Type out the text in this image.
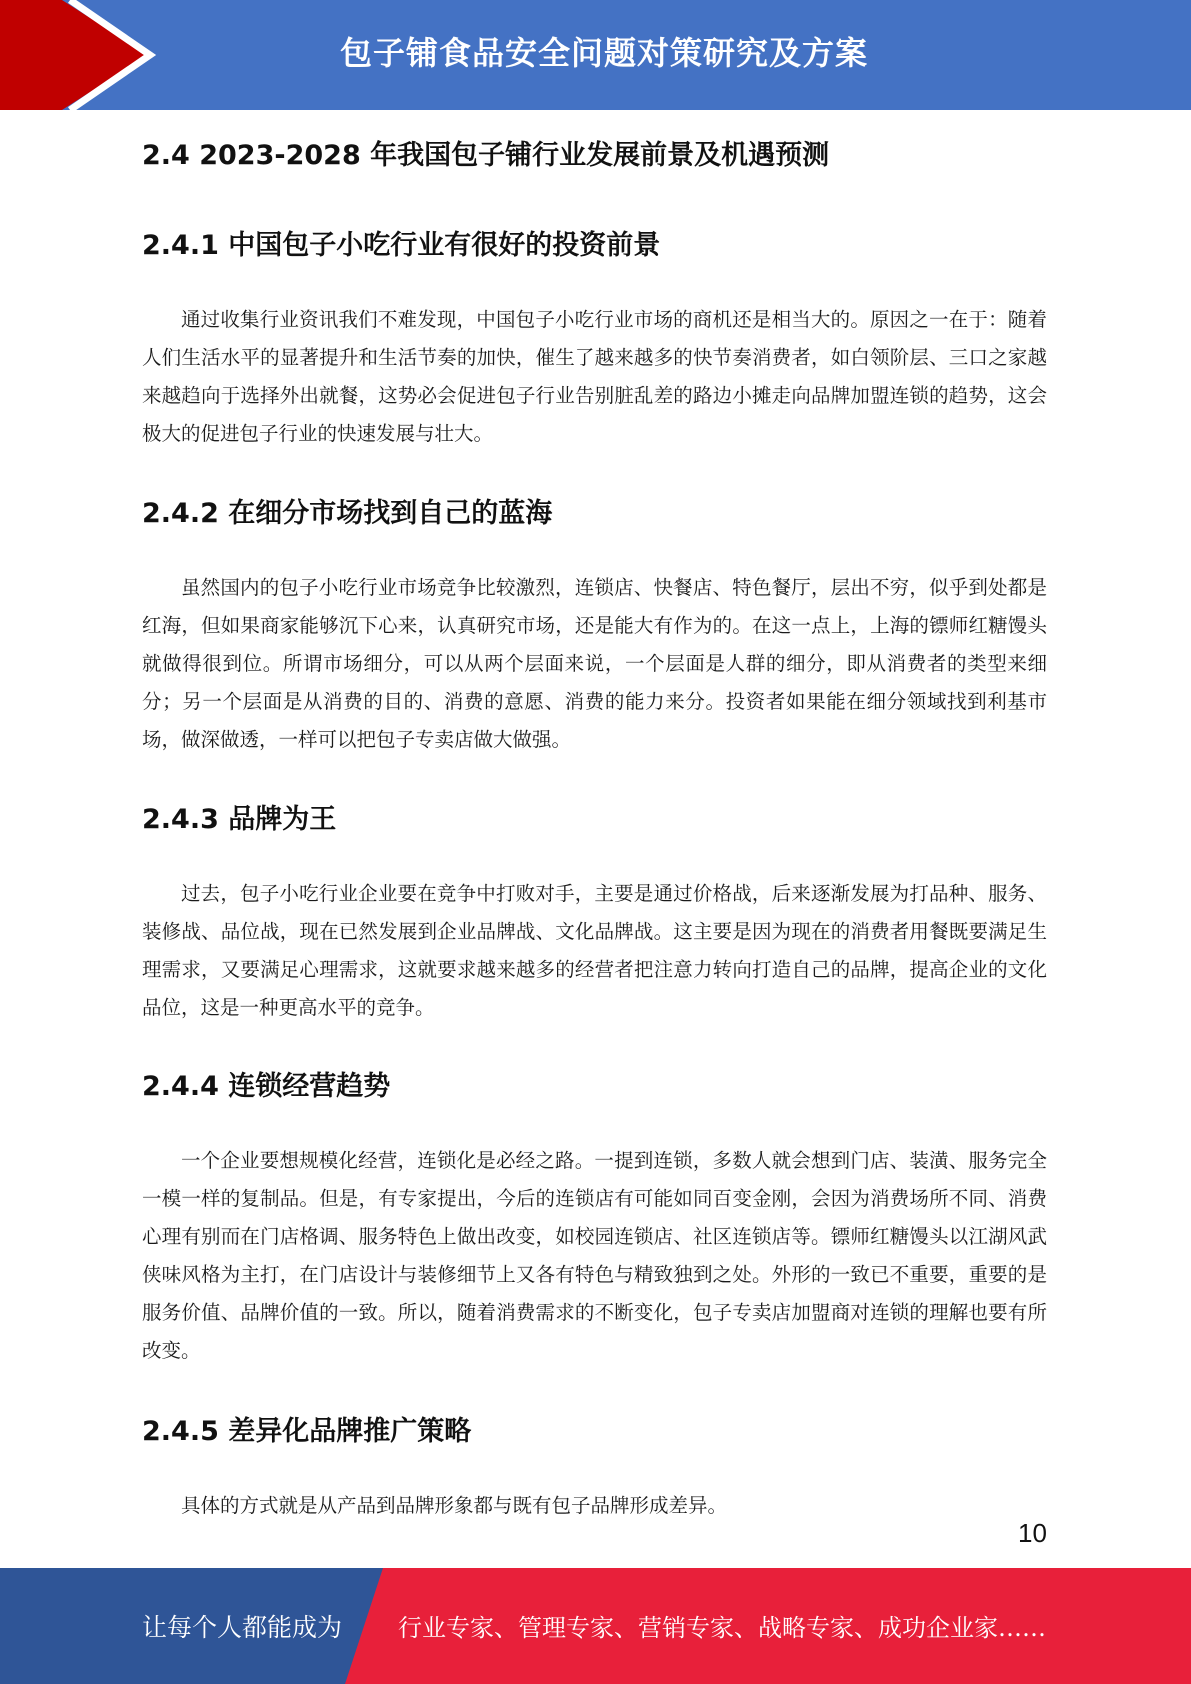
包子铺食品安全问题对策研究及方案
2.4 2023-2028 年我国包子铺行业发展前景及机遇预测
2.4.1 中国包子小吃行业有很好的投资前景
通过收集行业资讯我们不难发现，中国包子小吃行业市场的商机还是相当大的。原因之一在于：随着人们生活水平的显著提升和生活节奏的加快，催生了越来越多的快节奏消费者，如白领阶层、三口之家越来越趋向于选择外出就餐，这势必会促进包子行业告别脏乱差的路边小摊走向品牌加盟连锁的趋势，这会极大的促进包子行业的快速发展与壮大。
2.4.2 在细分市场找到自己的蓝海
虽然国内的包子小吃行业市场竞争比较激烈，连锁店、快餐店、特色餐厅，层出不穷，似乎到处都是红海，但如果商家能够沉下心来，认真研究市场，还是能大有作为的。在这一点上，上海的镖师红糖馒头就做得很到位。所谓市场细分，可以从两个层面来说，一个层面是人群的细分，即从消费者的类型来细分；另一个层面是从消费的目的、消费的意愿、消费的能力来分。投资者如果能在细分领域找到利基市场，做深做透，一样可以把包子专卖店做大做强。
2.4.3 品牌为王
过去，包子小吃行业企业要在竞争中打败对手，主要是通过价格战，后来逐渐发展为打品种、服务、装修战、品位战，现在已然发展到企业品牌战、文化品牌战。这主要是因为现在的消费者用餐既要满足生理需求，又要满足心理需求，这就要求越来越多的经营者把注意力转向打造自己的品牌，提高企业的文化品位，这是一种更高水平的竞争。
2.4.4 连锁经营趋势
一个企业要想规模化经营，连锁化是必经之路。一提到连锁，多数人就会想到门店、装潢、服务完全一模一样的复制品。但是，有专家提出，今后的连锁店有可能如同百变金刚，会因为消费场所不同、消费心理有别而在门店格调、服务特色上做出改变，如校园连锁店、社区连锁店等。镖师红糖馒头以江湖风武侠味风格为主打，在门店设计与装修细节上又各有特色与精致独到之处。外形的一致已不重要，重要的是服务价值、品牌价值的一致。所以，随着消费需求的不断变化，包子专卖店加盟商对连锁的理解也要有所改变。
2.4.5 差异化品牌推广策略
具体的方式就是从产品到品牌形象都与既有包子品牌形成差异。
10
让每个人都能成为 行业专家、管理专家、营销专家、战略专家、成功企业家……
